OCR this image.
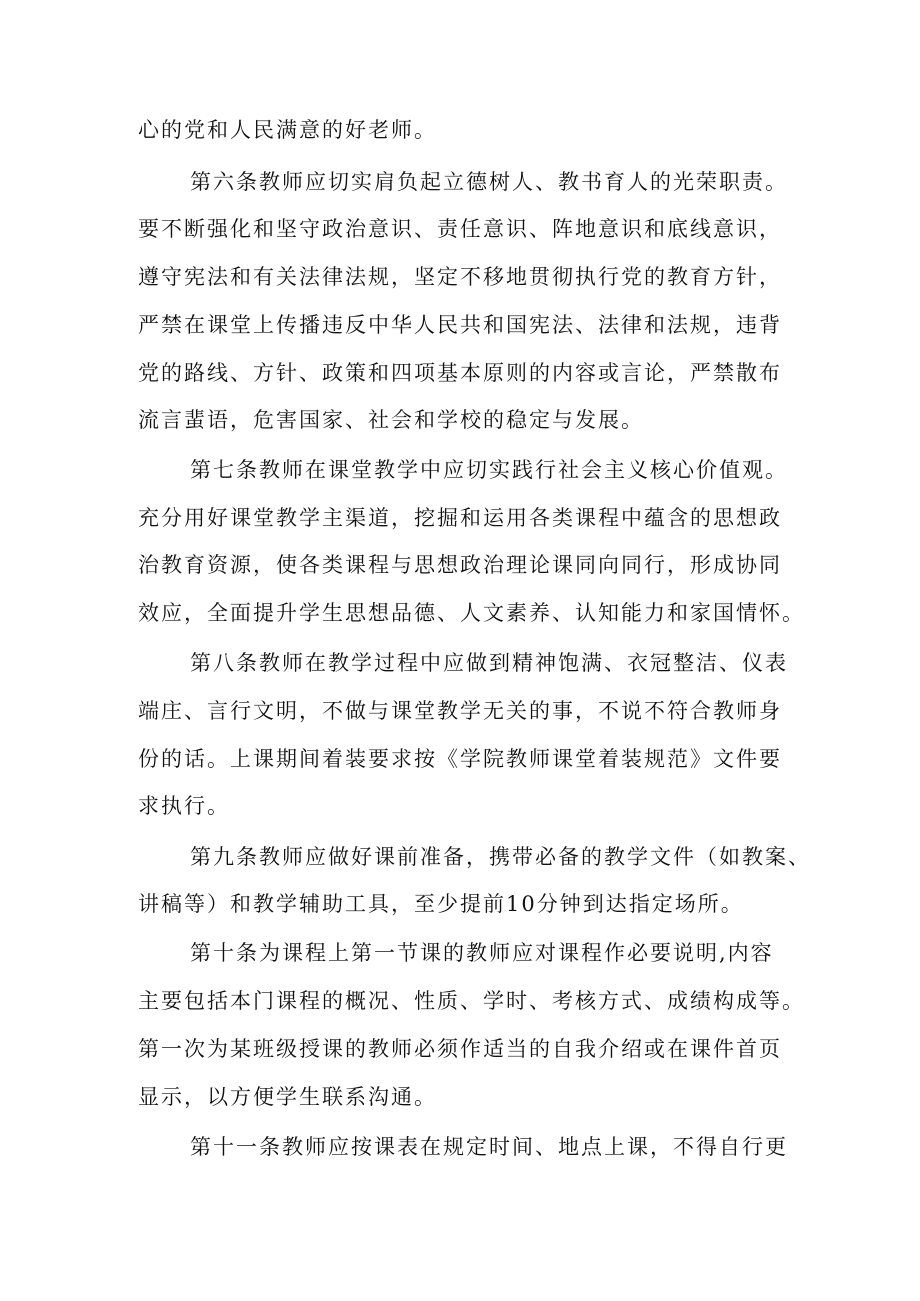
心的党和人民满意的好老师。
第六条教师应切实肩负起立德树人、教书育人的光荣职责。
要不断强化和坚守政治意识、责任意识、阵地意识和底线意识，
遵守宪法和有关法律法规，坚定不移地贯彻执行党的教育方针，
严禁在课堂上传播违反中华人民共和国宪法、法律和法规，违背
党的路线、方针、政策和四项基本原则的内容或言论，严禁散布
流言蜚语，危害国家、社会和学校的稳定与发展。
第七条教师在课堂教学中应切实践行社会主义核心价值观。
充分用好课堂教学主渠道，挖掘和运用各类课程中蕴含的思想政
治教育资源，使各类课程与思想政治理论课同向同行，形成协同
效应，全面提升学生思想品德、人文素养、认知能力和家国情怀。
第八条教师在教学过程中应做到精神饱满、衣冠整洁、仪表
端庄、言行文明，不做与课堂教学无关的事，不说不符合教师身
份的话。上课期间着装要求按《学院教师课堂着装规范》文件要
求执行。
第九条教师应做好课前准备，携带必备的教学文件（如教案、
讲稿等）和教学辅助工具，至少提前10分钟到达指定场所。
第十条为课程上第一节课的教师应对课程作必要说明,内容
主要包括本门课程的概况、性质、学时、考核方式、成绩构成等。
第一次为某班级授课的教师必须作适当的自我介绍或在课件首页
显示，以方便学生联系沟通。
第十一条教师应按课表在规定时间、地点上课，不得自行更
